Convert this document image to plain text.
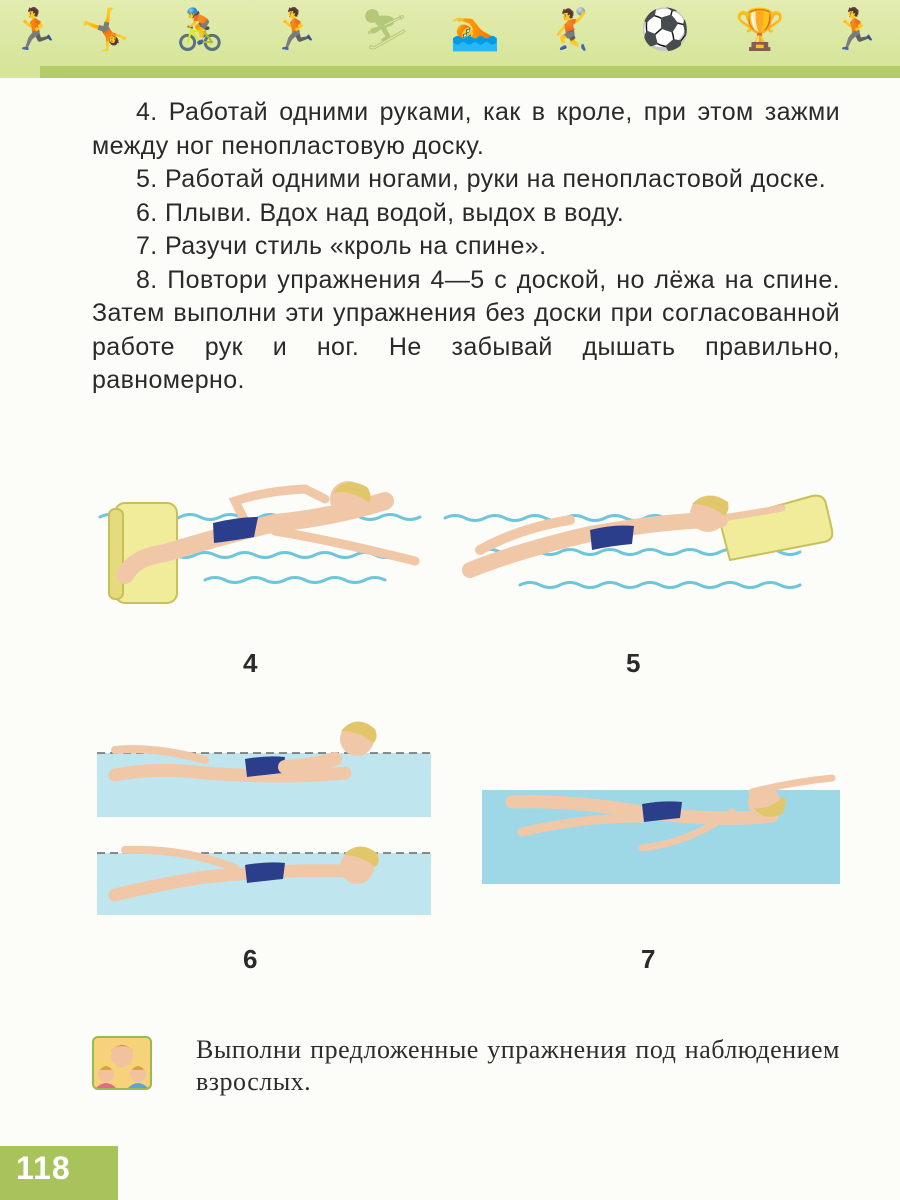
🏃 🤸 🚴 🏃 ⛷ 🏊 🤾 ⚽ 🏆 🏃

4. Работай одними руками, как в кроле, при этом зажми между ног пенопластовую доску.

5. Работай одними ногами, руки на пенопластовой доске.

6. Плыви. Вдох над водой, выдох в воду.

7. Разучи стиль «кроль на спине».

8. Повтори упражнения 4—5 с доской, но лёжа на спине. Затем выполни эти упражнения без доски при согласованной работе рук и ног. Не забывай дышать правильно, равномерно.

4	5
6	7

Выполни предложенные упражнения под наблюдением взрослых.

118
